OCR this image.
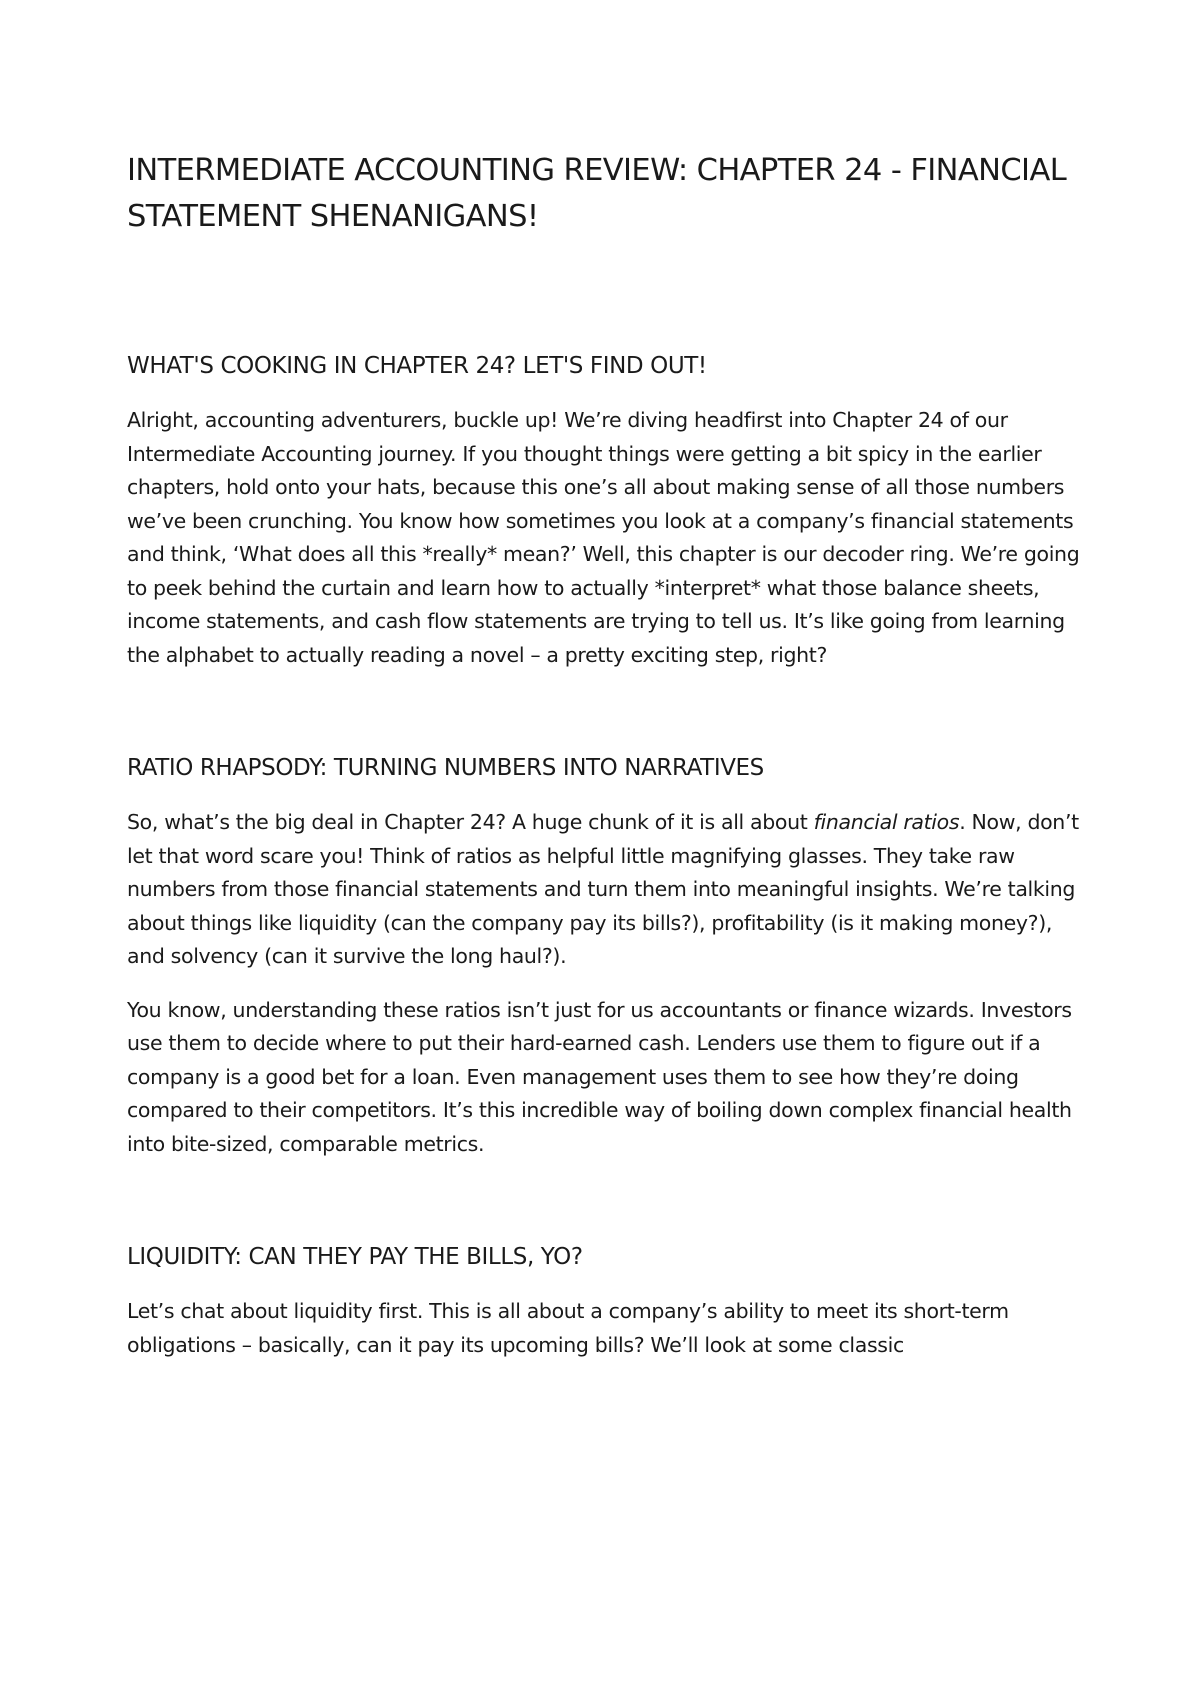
INTERMEDIATE ACCOUNTING REVIEW: CHAPTER 24 - FINANCIAL STATEMENT SHENANIGANS!
WHAT'S COOKING IN CHAPTER 24? LET'S FIND OUT!

Alright, accounting adventurers, buckle up! We’re diving headfirst into Chapter 24 of our Intermediate Accounting journey. If you thought things were getting a bit spicy in the earlier chapters, hold onto your hats, because this one’s all about making sense of all those numbers we’ve been crunching. You know how sometimes you look at a company’s financial statements and think, ‘What does all this *really* mean?’ Well, this chapter is our decoder ring. We’re going to peek behind the curtain and learn how to actually *interpret* what those balance sheets, income statements, and cash flow statements are trying to tell us. It’s like going from learning the alphabet to actually reading a novel – a pretty exciting step, right?

RATIO RHAPSODY: TURNING NUMBERS INTO NARRATIVES

So, what’s the big deal in Chapter 24? A huge chunk of it is all about financial ratios. Now, don’t let that word scare you! Think of ratios as helpful little magnifying glasses. They take raw numbers from those financial statements and turn them into meaningful insights. We’re talking about things like liquidity (can the company pay its bills?), profitability (is it making money?), and solvency (can it survive the long haul?).

You know, understanding these ratios isn’t just for us accountants or finance wizards. Investors use them to decide where to put their hard-earned cash. Lenders use them to figure out if a company is a good bet for a loan. Even management uses them to see how they’re doing compared to their competitors. It’s this incredible way of boiling down complex financial health into bite-sized, comparable metrics.

LIQUIDITY: CAN THEY PAY THE BILLS, YO?

Let’s chat about liquidity first. This is all about a company’s ability to meet its short-term obligations – basically, can it pay its upcoming bills? We’ll look at some classic
